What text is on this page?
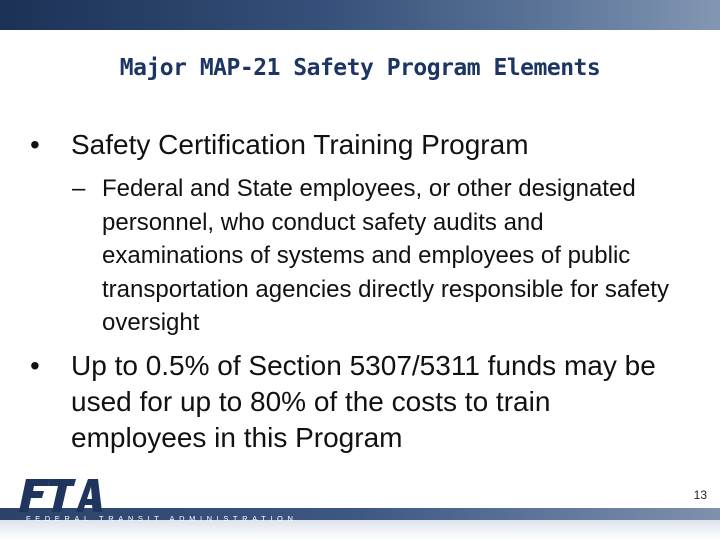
Major MAP-21 Safety Program Elements
•	Safety Certification Training Program
– Federal and State employees, or other designated personnel, who conduct safety audits and examinations of systems and employees of public transportation agencies directly responsible for safety oversight
•	Up to 0.5% of Section 5307/5311 funds may be used for up to 80% of the costs to train employees in this Program
FEDERAL TRANSIT ADMINISTRATION
13
